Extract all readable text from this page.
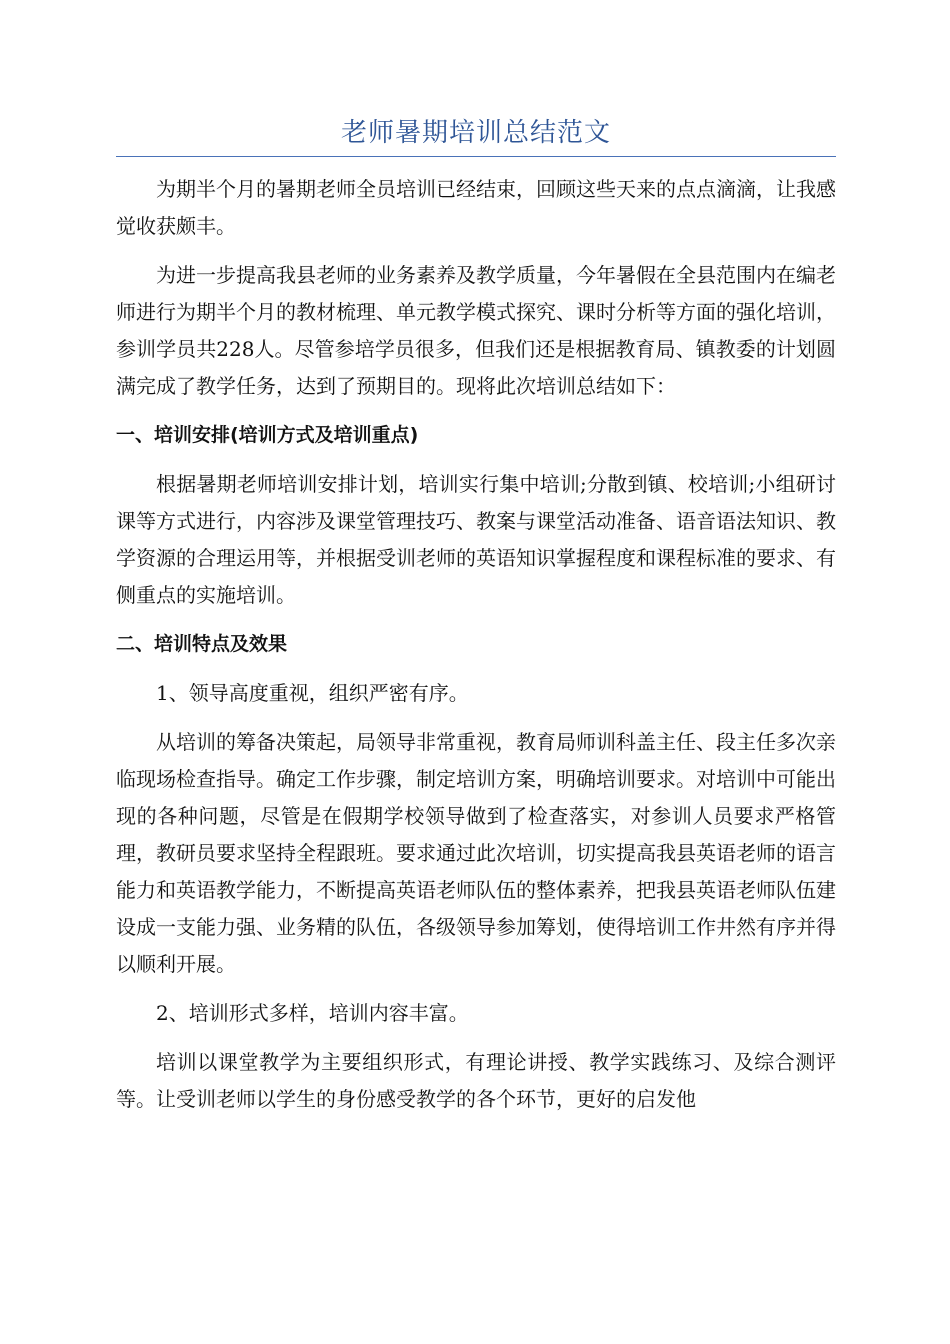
老师暑期培训总结范文

为期半个月的暑期老师全员培训已经结束，回顾这些天来的点点滴滴，让我感觉收获颇丰。

为进一步提高我县老师的业务素养及教学质量，今年暑假在全县范围内在编老师进行为期半个月的教材梳理、单元教学模式探究、课时分析等方面的强化培训，参训学员共228人。尽管参培学员很多，但我们还是根据教育局、镇教委的计划圆满完成了教学任务，达到了预期目的。现将此次培训总结如下：

一、培训安排(培训方式及培训重点)

根据暑期老师培训安排计划，培训实行集中培训;分散到镇、校培训;小组研讨课等方式进行，内容涉及课堂管理技巧、教案与课堂活动准备、语音语法知识、教学资源的合理运用等，并根据受训老师的英语知识掌握程度和课程标准的要求、有侧重点的实施培训。

二、培训特点及效果

1、领导高度重视，组织严密有序。

从培训的筹备决策起，局领导非常重视，教育局师训科盖主任、段主任多次亲临现场检查指导。确定工作步骤，制定培训方案，明确培训要求。对培训中可能出现的各种问题，尽管是在假期学校领导做到了检查落实，对参训人员要求严格管理，教研员要求坚持全程跟班。要求通过此次培训，切实提高我县英语老师的语言能力和英语教学能力，不断提高英语老师队伍的整体素养，把我县英语老师队伍建设成一支能力强、业务精的队伍，各级领导参加筹划，使得培训工作井然有序并得以顺利开展。

2、培训形式多样，培训内容丰富。

培训以课堂教学为主要组织形式，有理论讲授、教学实践练习、及综合测评等。让受训老师以学生的身份感受教学的各个环节，更好的启发他
